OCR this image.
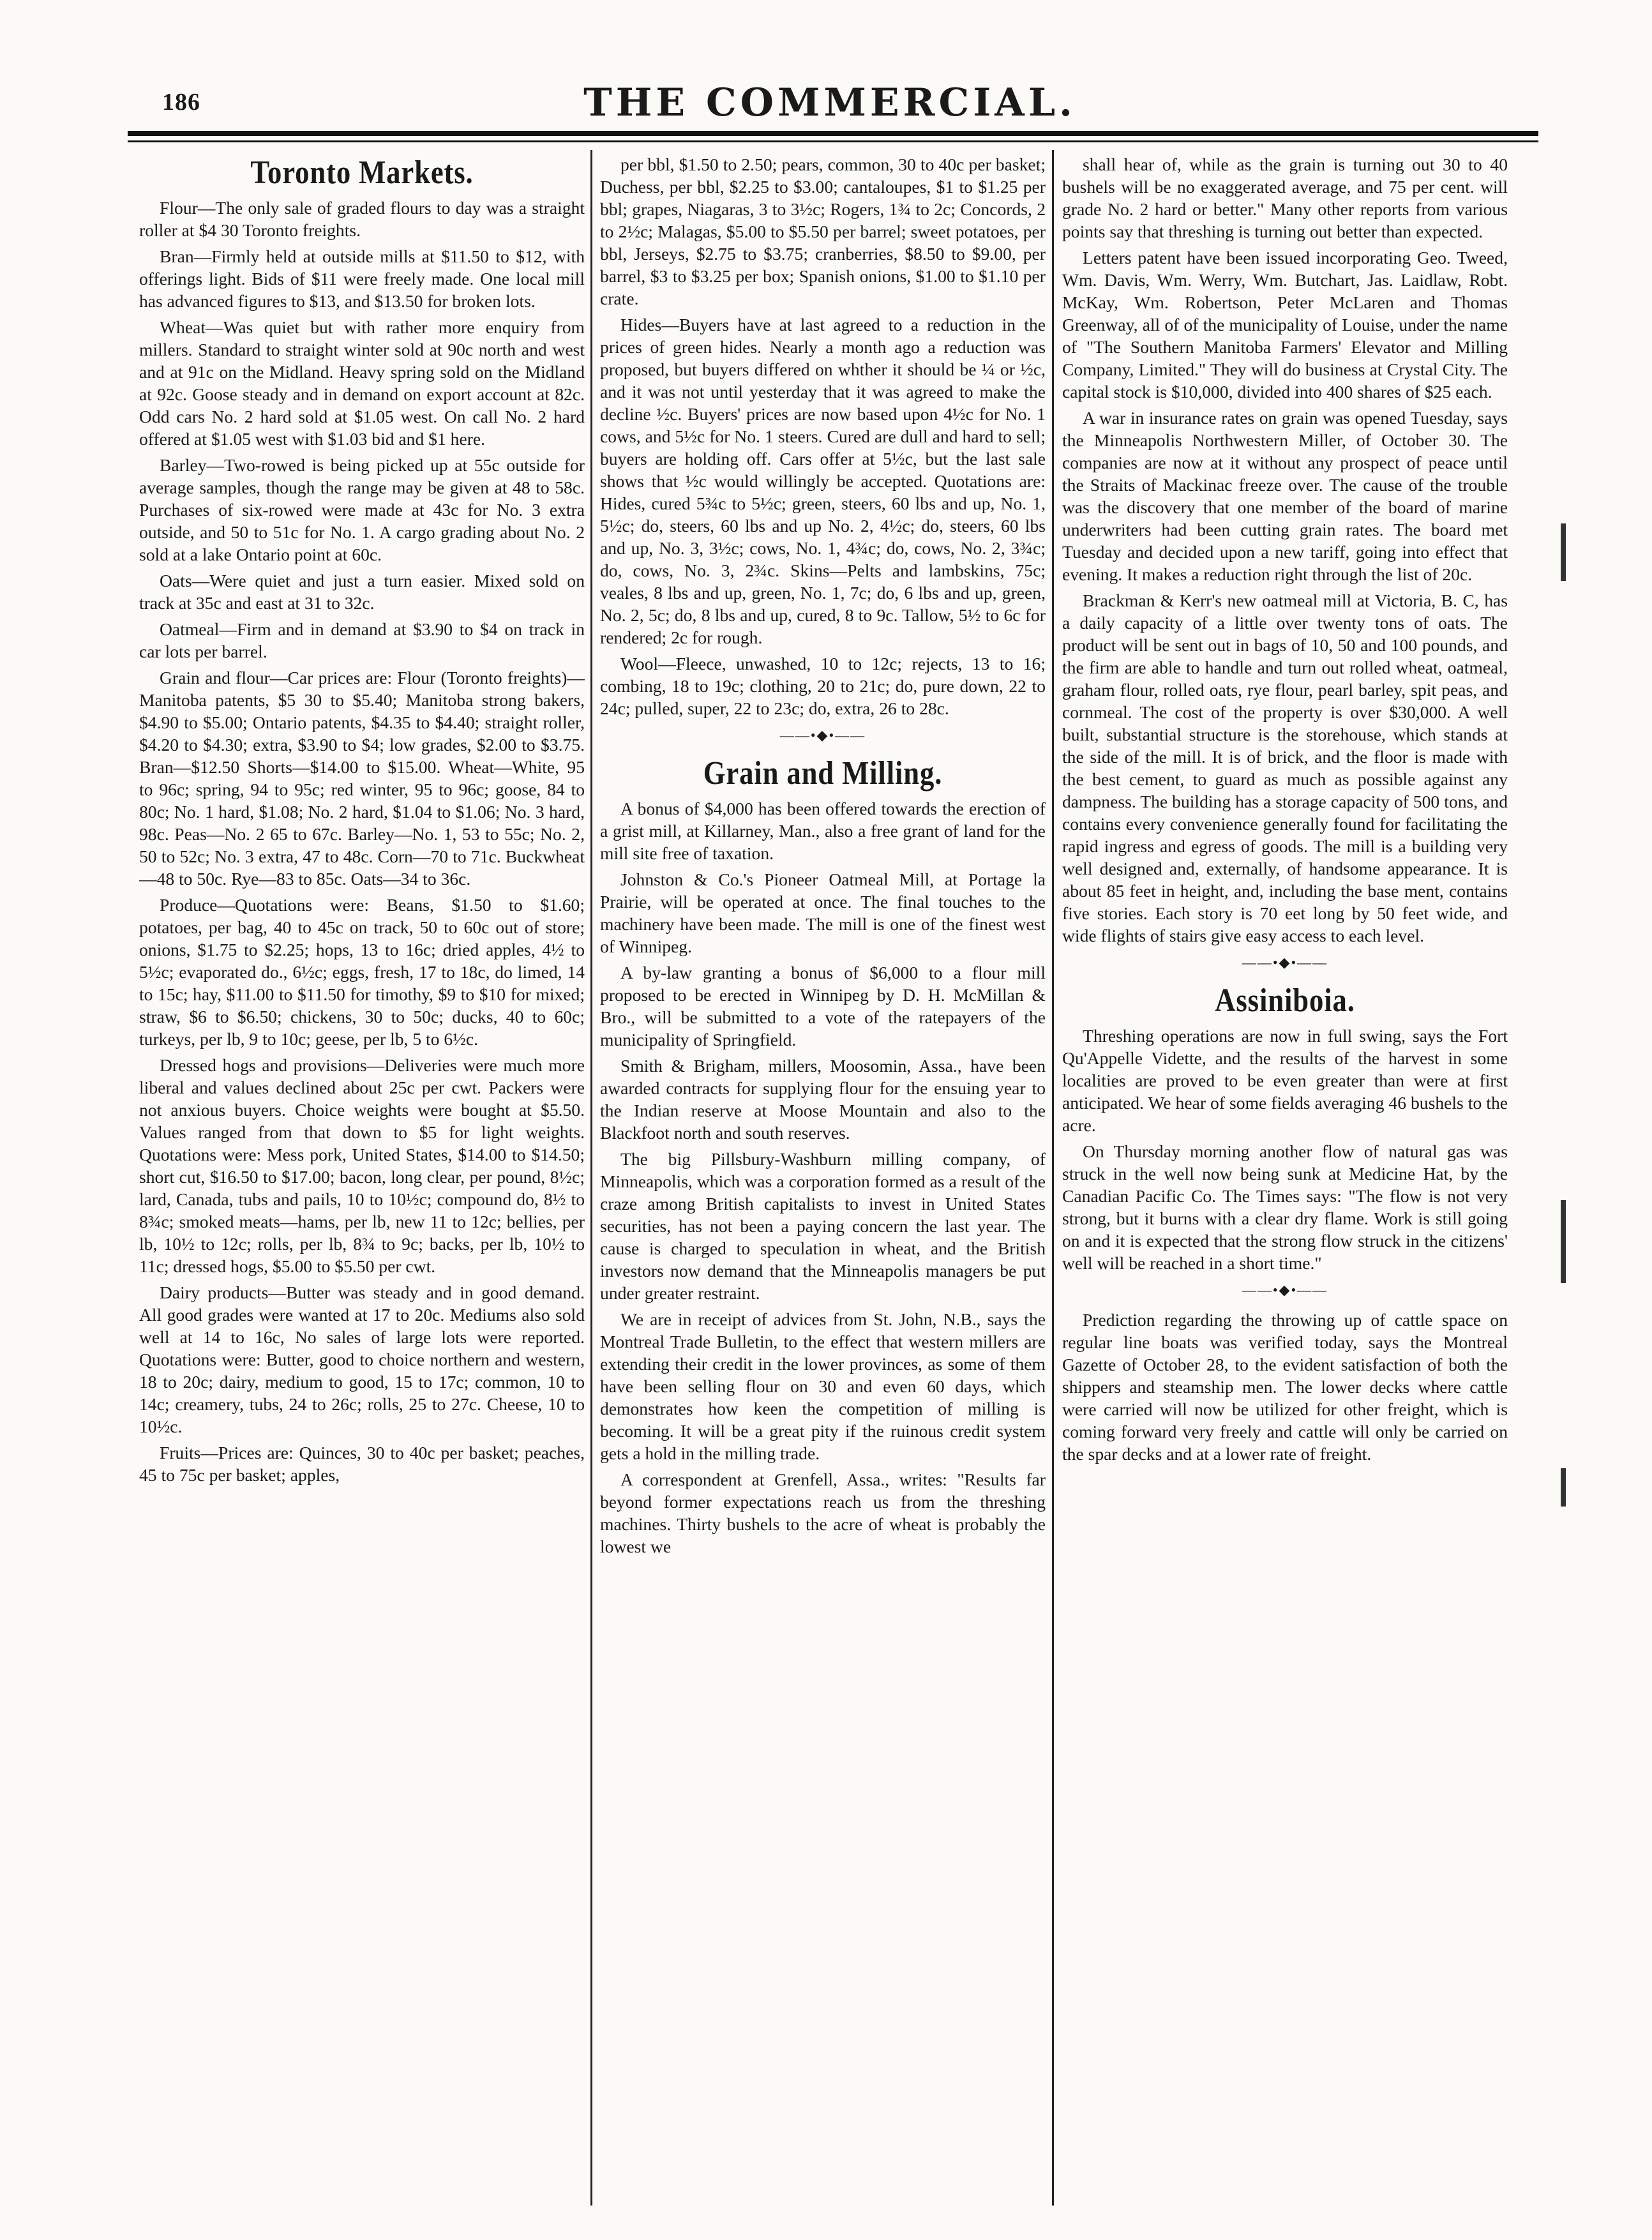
186	THE COMMERCIAL.
Toronto Markets.

Flour—The only sale of graded flours to day was a straight roller at $4 30 Toronto freights.

Bran—Firmly held at outside mills at $11.50 to $12, with offerings light. Bids of $11 were freely made. One local mill has advanced figures to $13, and $13.50 for broken lots.

Wheat—Was quiet but with rather more enquiry from millers. Standard to straight winter sold at 90c north and west and at 91c on the Midland. Heavy spring sold on the Midland at 92c. Goose steady and in demand on export account at 82c. Odd cars No. 2 hard sold at $1.05 west. On call No. 2 hard offered at $1.05 west with $1.03 bid and $1 here.

Barley—Two-rowed is being picked up at 55c outside for average samples, though the range may be given at 48 to 58c. Purchases of six-rowed were made at 43c for No. 3 extra outside, and 50 to 51c for No. 1. A cargo grading about No. 2 sold at a lake Ontario point at 60c.

Oats—Were quiet and just a turn easier. Mixed sold on track at 35c and east at 31 to 32c.

Oatmeal—Firm and in demand at $3.90 to $4 on track in car lots per barrel.

Grain and flour—Car prices are: Flour (Toronto freights)—Manitoba patents, $5 30 to $5.40; Manitoba strong bakers, $4.90 to $5.00; Ontario patents, $4.35 to $4.40; straight roller, $4.20 to $4.30; extra, $3.90 to $4; low grades, $2.00 to $3.75. Bran—$12.50 Shorts—$14.00 to $15.00. Wheat—White, 95 to 96c; spring, 94 to 95c; red winter, 95 to 96c; goose, 84 to 80c; No. 1 hard, $1.08; No. 2 hard, $1.04 to $1.06; No. 3 hard, 98c. Peas—No. 2 65 to 67c. Barley—No. 1, 53 to 55c; No. 2, 50 to 52c; No. 3 extra, 47 to 48c. Corn—70 to 71c. Buckwheat—48 to 50c. Rye—83 to 85c. Oats—34 to 36c.

Produce—Quotations were: Beans, $1.50 to $1.60; potatoes, per bag, 40 to 45c on track, 50 to 60c out of store; onions, $1.75 to $2.25; hops, 13 to 16c; dried apples, 4½ to 5½c; evaporated do., 6½c; eggs, fresh, 17 to 18c, do limed, 14 to 15c; hay, $11.00 to $11.50 for timothy, $9 to $10 for mixed; straw, $6 to $6.50; chickens, 30 to 50c; ducks, 40 to 60c; turkeys, per lb, 9 to 10c; geese, per lb, 5 to 6½c.

Dressed hogs and provisions—Deliveries were much more liberal and values declined about 25c per cwt. Packers were not anxious buyers. Choice weights were bought at $5.50. Values ranged from that down to $5 for light weights. Quotations were: Mess pork, United States, $14.00 to $14.50; short cut, $16.50 to $17.00; bacon, long clear, per pound, 8½c; lard, Canada, tubs and pails, 10 to 10½c; compound do, 8½ to 8¾c; smoked meats—hams, per lb, new 11 to 12c; bellies, per lb, 10½ to 12c; rolls, per lb, 8¾ to 9c; backs, per lb, 10½ to 11c; dressed hogs, $5.00 to $5.50 per cwt.

Dairy products—Butter was steady and in good demand. All good grades were wanted at 17 to 20c. Mediums also sold well at 14 to 16c, No sales of large lots were reported. Quotations were: Butter, good to choice northern and western, 18 to 20c; dairy, medium to good, 15 to 17c; common, 10 to 14c; creamery, tubs, 24 to 26c; rolls, 25 to 27c. Cheese, 10 to 10½c.

Fruits—Prices are: Quinces, 30 to 40c per basket; peaches, 45 to 75c per basket; apples,

per bbl, $1.50 to 2.50; pears, common, 30 to 40c per basket; Duchess, per bbl, $2.25 to $3.00; cantaloupes, $1 to $1.25 per bbl; grapes, Niagaras, 3 to 3½c; Rogers, 1¾ to 2c; Concords, 2 to 2½c; Malagas, $5.00 to $5.50 per barrel; sweet potatoes, per bbl, Jerseys, $2.75 to $3.75; cranberries, $8.50 to $9.00, per barrel, $3 to $3.25 per box; Spanish onions, $1.00 to $1.10 per crate.

Hides—Buyers have at last agreed to a reduction in the prices of green hides. Nearly a month ago a reduction was proposed, but buyers differed on whther it should be ¼ or ½c, and it was not until yesterday that it was agreed to make the decline ½c. Buyers' prices are now based upon 4½c for No. 1 cows, and 5½c for No. 1 steers. Cured are dull and hard to sell; buyers are holding off. Cars offer at 5½c, but the last sale shows that ½c would willingly be accepted. Quotations are: Hides, cured 5¾c to 5½c; green, steers, 60 lbs and up, No. 1, 5½c; do, steers, 60 lbs and up No. 2, 4½c; do, steers, 60 lbs and up, No. 3, 3½c; cows, No. 1, 4¾c; do, cows, No. 2, 3¾c; do, cows, No. 3, 2¾c. Skins—Pelts and lambskins, 75c; veales, 8 lbs and up, green, No. 1, 7c; do, 6 lbs and up, green, No. 2, 5c; do, 8 lbs and up, cured, 8 to 9c. Tallow, 5½ to 6c for rendered; 2c for rough.

Wool—Fleece, unwashed, 10 to 12c; rejects, 13 to 16; combing, 18 to 19c; clothing, 20 to 21c; do, pure down, 22 to 24c; pulled, super, 22 to 23c; do, extra, 26 to 28c.

——•◆•——
Grain and Milling.

A bonus of $4,000 has been offered towards the erection of a grist mill, at Killarney, Man., also a free grant of land for the mill site free of taxation.

Johnston & Co.'s Pioneer Oatmeal Mill, at Portage la Prairie, will be operated at once. The final touches to the machinery have been made. The mill is one of the finest west of Winnipeg.

A by-law granting a bonus of $6,000 to a flour mill proposed to be erected in Winnipeg by D. H. McMillan & Bro., will be submitted to a vote of the ratepayers of the municipality of Springfield.

Smith & Brigham, millers, Moosomin, Assa., have been awarded contracts for supplying flour for the ensuing year to the Indian reserve at Moose Mountain and also to the Blackfoot north and south reserves.

The big Pillsbury-Washburn milling company, of Minneapolis, which was a corporation formed as a result of the craze among British capitalists to invest in United States securities, has not been a paying concern the last year. The cause is charged to speculation in wheat, and the British investors now demand that the Minneapolis managers be put under greater restraint.

We are in receipt of advices from St. John, N.B., says the Montreal Trade Bulletin, to the effect that western millers are extending their credit in the lower provinces, as some of them have been selling flour on 30 and even 60 days, which demonstrates how keen the competition of milling is becoming. It will be a great pity if the ruinous credit system gets a hold in the milling trade.

A correspondent at Grenfell, Assa., writes: "Results far beyond former expectations reach us from the threshing machines. Thirty bushels to the acre of wheat is probably the lowest we

shall hear of, while as the grain is turning out 30 to 40 bushels will be no exaggerated average, and 75 per cent. will grade No. 2 hard or better." Many other reports from various points say that threshing is turning out better than expected.

Letters patent have been issued incorporating Geo. Tweed, Wm. Davis, Wm. Werry, Wm. Butchart, Jas. Laidlaw, Robt. McKay, Wm. Robertson, Peter McLaren and Thomas Greenway, all of of the municipality of Louise, under the name of "The Southern Manitoba Farmers' Elevator and Milling Company, Limited." They will do business at Crystal City. The capital stock is $10,000, divided into 400 shares of $25 each.

A war in insurance rates on grain was opened Tuesday, says the Minneapolis Northwestern Miller, of October 30. The companies are now at it without any prospect of peace until the Straits of Mackinac freeze over. The cause of the trouble was the discovery that one member of the board of marine underwriters had been cutting grain rates. The board met Tuesday and decided upon a new tariff, going into effect that evening. It makes a reduction right through the list of 20c.

Brackman & Kerr's new oatmeal mill at Victoria, B. C, has a daily capacity of a little over twenty tons of oats. The product will be sent out in bags of 10, 50 and 100 pounds, and the firm are able to handle and turn out rolled wheat, oatmeal, graham flour, rolled oats, rye flour, pearl barley, spit peas, and cornmeal. The cost of the property is over $30,000. A well built, substantial structure is the storehouse, which stands at the side of the mill. It is of brick, and the floor is made with the best cement, to guard as much as possible against any dampness. The building has a storage capacity of 500 tons, and contains every convenience generally found for facilitating the rapid ingress and egress of goods. The mill is a building very well designed and, externally, of handsome appearance. It is about 85 feet in height, and, including the base ment, contains five stories. Each story is 70 eet long by 50 feet wide, and wide flights of stairs give easy access to each level.

——•◆•——
Assiniboia.

Threshing operations are now in full swing, says the Fort Qu'Appelle Vidette, and the results of the harvest in some localities are proved to be even greater than were at first anticipated. We hear of some fields averaging 46 bushels to the acre.

On Thursday morning another flow of natural gas was struck in the well now being sunk at Medicine Hat, by the Canadian Pacific Co. The Times says: "The flow is not very strong, but it burns with a clear dry flame. Work is still going on and it is expected that the strong flow struck in the citizens' well will be reached in a short time."

——•◆•——

Prediction regarding the throwing up of cattle space on regular line boats was verified today, says the Montreal Gazette of October 28, to the evident satisfaction of both the shippers and steamship men. The lower decks where cattle were carried will now be utilized for other freight, which is coming forward very freely and cattle will only be carried on the spar decks and at a lower rate of freight.
